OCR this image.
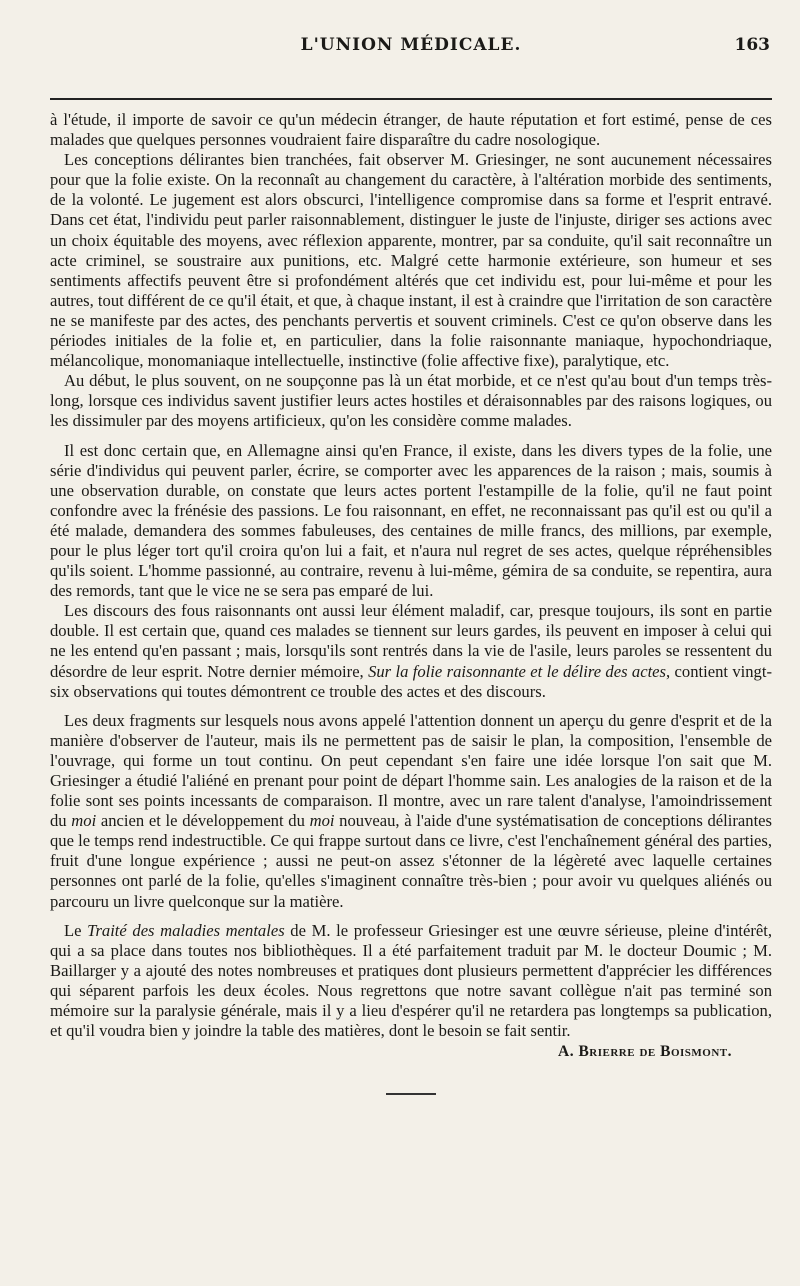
L'UNION MÉDICALE.	163

à l'étude, il importe de savoir ce qu'un médecin étranger, de haute réputation et fort estimé, pense de ces malades que quelques personnes voudraient faire disparaître du cadre nosologique.

Les conceptions délirantes bien tranchées, fait observer M. Griesinger, ne sont aucunement nécessaires pour que la folie existe. On la reconnaît au changement du caractère, à l'altération morbide des sentiments, de la volonté. Le jugement est alors obscurci, l'intelligence compromise dans sa forme et l'esprit entravé. Dans cet état, l'individu peut parler raisonnablement, distinguer le juste de l'injuste, diriger ses actions avec un choix équitable des moyens, avec réflexion apparente, montrer, par sa conduite, qu'il sait reconnaître un acte criminel, se soustraire aux punitions, etc. Malgré cette harmonie extérieure, son humeur et ses sentiments affectifs peuvent être si profondément altérés que cet individu est, pour lui-même et pour les autres, tout différent de ce qu'il était, et que, à chaque instant, il est à craindre que l'irritation de son caractère ne se manifeste par des actes, des penchants pervertis et souvent criminels. C'est ce qu'on observe dans les périodes initiales de la folie et, en particulier, dans la folie raisonnante maniaque, hypochondriaque, mélancolique, monomaniaque intellectuelle, instinctive (folie affective fixe), paralytique, etc.

Au début, le plus souvent, on ne soupçonne pas là un état morbide, et ce n'est qu'au bout d'un temps très-long, lorsque ces individus savent justifier leurs actes hostiles et déraisonnables par des raisons logiques, ou les dissimuler par des moyens artificieux, qu'on les considère comme malades.

Il est donc certain que, en Allemagne ainsi qu'en France, il existe, dans les divers types de la folie, une série d'individus qui peuvent parler, écrire, se comporter avec les apparences de la raison ; mais, soumis à une observation durable, on constate que leurs actes portent l'estampille de la folie, qu'il ne faut point confondre avec la frénésie des passions. Le fou raisonnant, en effet, ne reconnaissant pas qu'il est ou qu'il a été malade, demandera des sommes fabuleuses, des centaines de mille francs, des millions, par exemple, pour le plus léger tort qu'il croira qu'on lui a fait, et n'aura nul regret de ses actes, quelque répréhensibles qu'ils soient. L'homme passionné, au contraire, revenu à lui-même, gémira de sa conduite, se repentira, aura des remords, tant que le vice ne se sera pas emparé de lui.

Les discours des fous raisonnants ont aussi leur élément maladif, car, presque toujours, ils sont en partie double. Il est certain que, quand ces malades se tiennent sur leurs gardes, ils peuvent en imposer à celui qui ne les entend qu'en passant ; mais, lorsqu'ils sont rentrés dans la vie de l'asile, leurs paroles se ressentent du désordre de leur esprit. Notre dernier mémoire, Sur la folie raisonnante et le délire des actes, contient vingt-six observations qui toutes démontrent ce trouble des actes et des discours.

Les deux fragments sur lesquels nous avons appelé l'attention donnent un aperçu du genre d'esprit et de la manière d'observer de l'auteur, mais ils ne permettent pas de saisir le plan, la composition, l'ensemble de l'ouvrage, qui forme un tout continu. On peut cependant s'en faire une idée lorsque l'on sait que M. Griesinger a étudié l'aliéné en prenant pour point de départ l'homme sain. Les analogies de la raison et de la folie sont ses points incessants de comparaison. Il montre, avec un rare talent d'analyse, l'amoindrissement du moi ancien et le développement du moi nouveau, à l'aide d'une systématisation de conceptions délirantes que le temps rend indestructible. Ce qui frappe surtout dans ce livre, c'est l'enchaînement général des parties, fruit d'une longue expérience ; aussi ne peut-on assez s'étonner de la légèreté avec laquelle certaines personnes ont parlé de la folie, qu'elles s'imaginent connaître très-bien ; pour avoir vu quelques aliénés ou parcouru un livre quelconque sur la matière.

Le Traité des maladies mentales de M. le professeur Griesinger est une œuvre sérieuse, pleine d'intérêt, qui a sa place dans toutes nos bibliothèques. Il a été parfaitement traduit par M. le docteur Doumic ; M. Baillarger y a ajouté des notes nombreuses et pratiques dont plusieurs permettent d'apprécier les différences qui séparent parfois les deux écoles. Nous regrettons que notre savant collègue n'ait pas terminé son mémoire sur la paralysie générale, mais il y a lieu d'espérer qu'il ne retardera pas longtemps sa publication, et qu'il voudra bien y joindre la table des matières, dont le besoin se fait sentir.

A. Brierre de Boismont.
